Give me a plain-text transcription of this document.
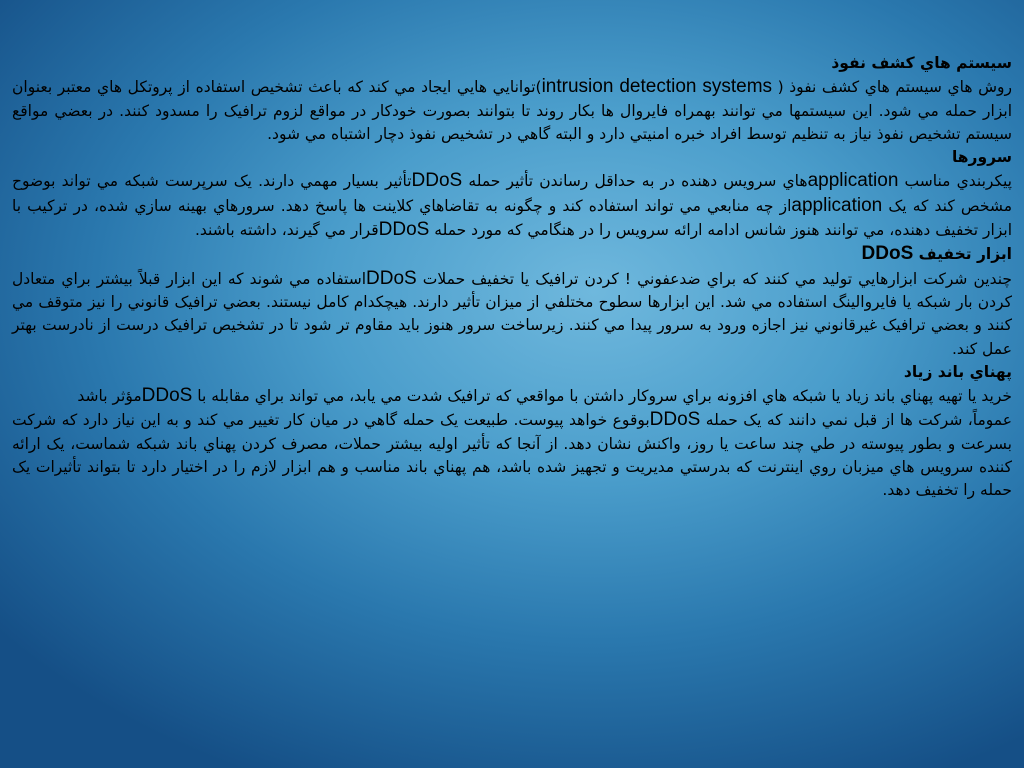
سيستم هاي كشف نفوذ

روش هاي سيستم هاي كشف نفوذ ( intrusion detection systems)توانايي هايي ايجاد مي كند كه باعث تشخيص استفاده از پروتكل هاي معتبر بعنوان ابزار حمله مي شود. اين سيستمها مي توانند بهمراه فايروال ها بكار روند تا بتوانند بصورت خودكار در مواقع لزوم ترافيک را مسدود كنند. در بعضي مواقع سيستم تشخيص نفوذ نياز به تنظيم توسط افراد خبره امنيتي دارد و البته گاهي در تشخيص نفوذ دچار اشتباه مي شود.

سرورها

پيكربندي مناسب applicationهاي سرويس دهنده در به حداقل رساندن تأثير حمله DDoSتأثير بسيار مهمي دارند. يک سرپرست شبكه مي تواند بوضوح مشخص كند كه يک applicationاز چه منابعي مي تواند استفاده كند و چگونه به تقاضاهاي كلاينت ها پاسخ دهد. سرورهاي بهينه سازي شده، در تركيب با ابزار تخفيف دهنده، مي توانند هنوز شانس ادامه ارائه سرويس را در هنگامي كه مورد حمله DDoSقرار مي گيرند، داشته باشند.

ابزار تخفيف DDoS

چندين شركت ابزارهايي توليد مي كنند كه براي ضدعفوني ! كردن ترافيک يا تخفيف حملات DDoSاستفاده مي شوند كه اين ابزار قبلاً بيشتر براي متعادل كردن بار شبكه يا فايروالينگ استفاده مي شد. اين ابزارها سطوح مختلفي از ميزان تأثير دارند. هيچكدام كامل نيستند. بعضي ترافيک قانوني را نيز متوقف مي كنند و بعضي ترافيک غيرقانوني نيز اجازه ورود به سرور پيدا مي كنند. زيرساخت سرور هنوز بايد مقاوم تر شود تا در تشخيص ترافيک درست از نادرست بهتر عمل كند.

پهناي باند زياد

خريد يا تهيه پهناي باند زياد يا شبكه هاي افزونه براي سروكار داشتن با مواقعي كه ترافيک شدت مي يابد، مي تواند براي مقابله با DDoSمؤثر باشد

عموماً، شركت ها از قبل نمي دانند كه يک حمله DDoSبوقوع خواهد پيوست. طبيعت يک حمله گاهي در ميان كار تغيير مي كند و به اين نياز دارد كه شركت بسرعت و بطور پيوسته در طي چند ساعت يا روز، واكنش نشان دهد. از آنجا كه تأثير اوليه بيشتر حملات، مصرف كردن پهناي باند شبكه شماست، يک ارائه كننده سرويس هاي ميزبان روي اينترنت كه بدرستي مديريت و تجهيز شده باشد، هم پهناي باند مناسب و هم ابزار لازم را در اختيار دارد تا بتواند تأثيرات يک حمله را تخفيف دهد.
